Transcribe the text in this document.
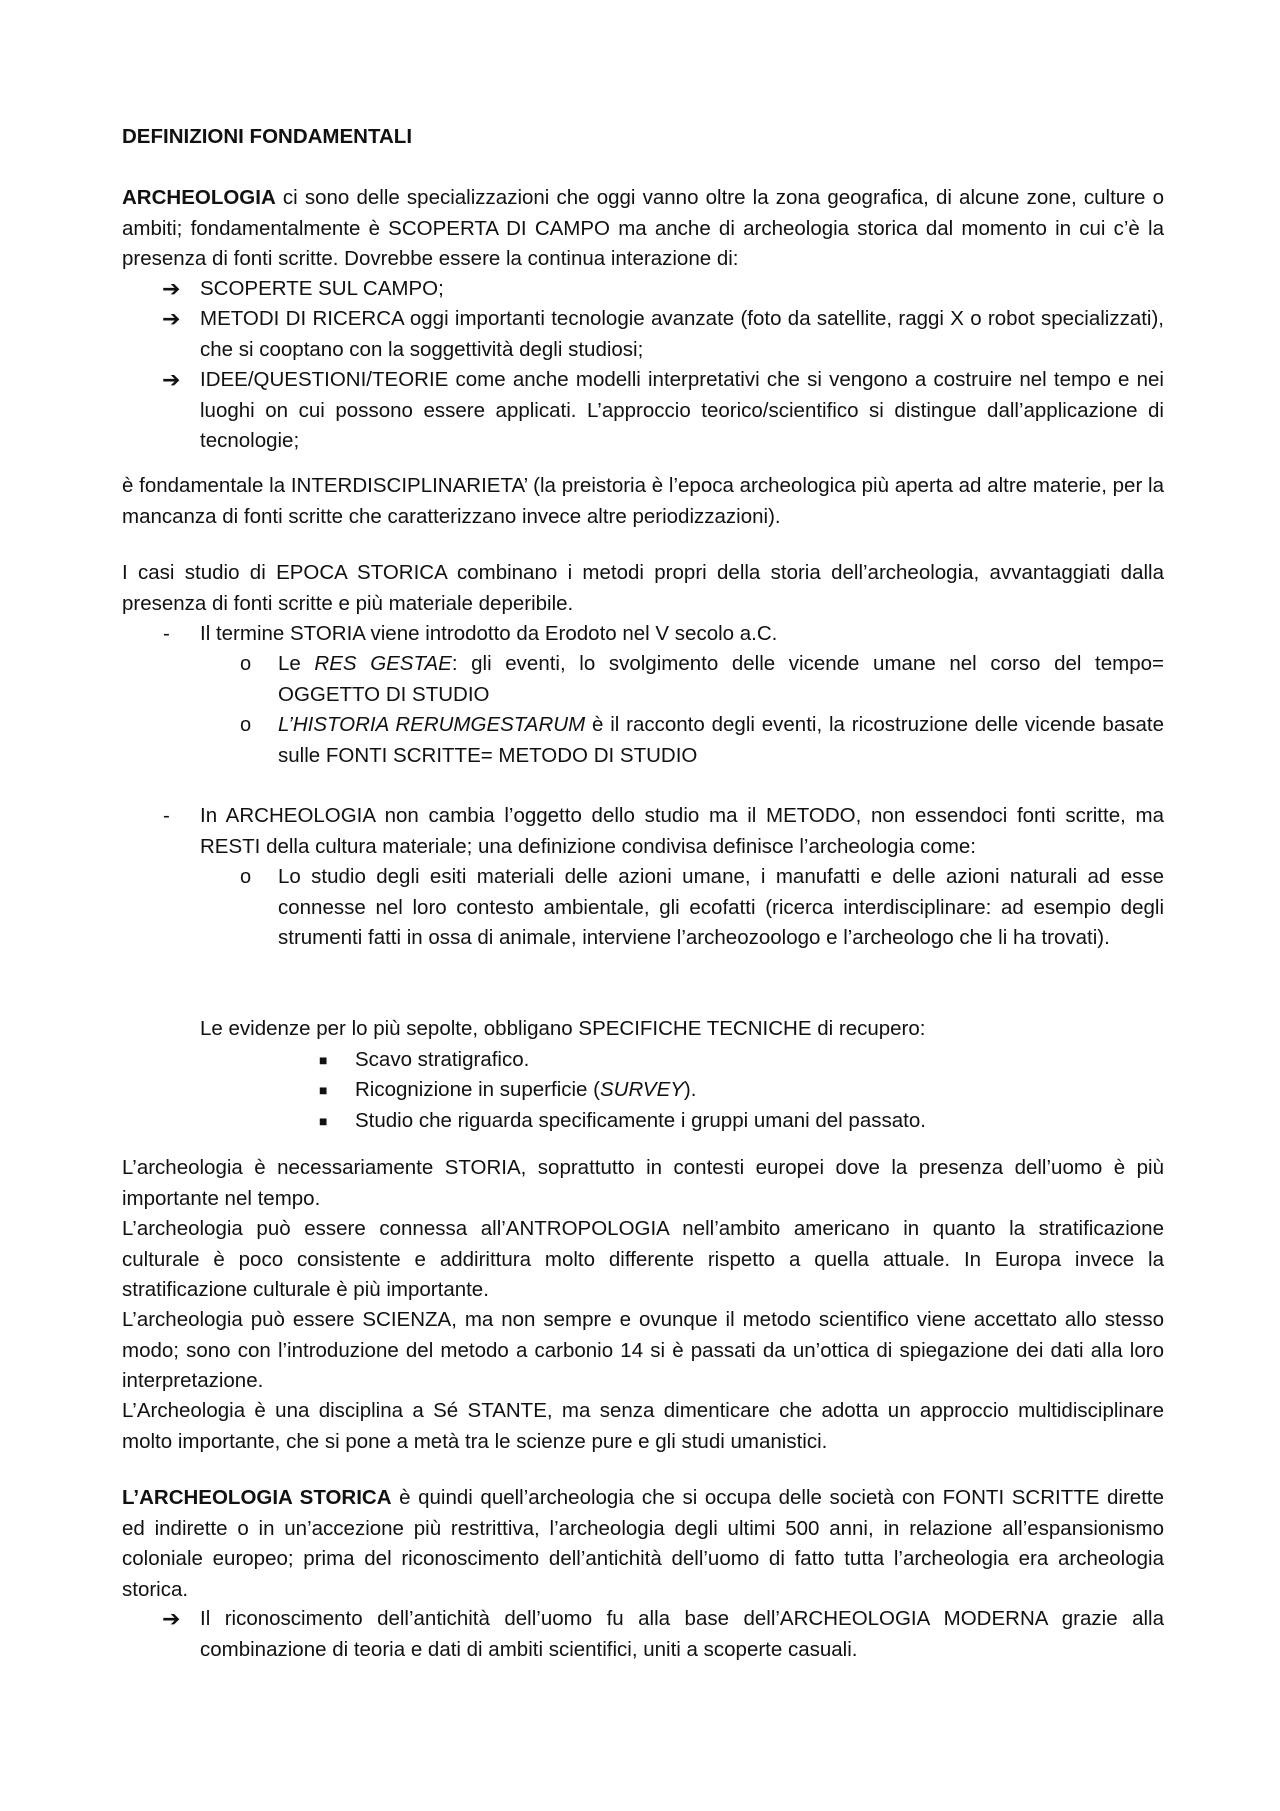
DEFINIZIONI FONDAMENTALI
ARCHEOLOGIA ci sono delle specializzazioni che oggi vanno oltre la zona geografica, di alcune zone, culture o ambiti; fondamentalmente è SCOPERTA DI CAMPO ma anche di archeologia storica dal momento in cui c’è la presenza di fonti scritte. Dovrebbe essere la continua interazione di:
➔ SCOPERTE SUL CAMPO;
➔ METODI DI RICERCA oggi importanti tecnologie avanzate (foto da satellite, raggi X o robot specializzati), che si cooptano con la soggettività degli studiosi;
➔ IDEE/QUESTIONI/TEORIE come anche modelli interpretativi che si vengono a costruire nel tempo e nei luoghi on cui possono essere applicati. L’approccio teorico/scientifico si distingue dall’applicazione di tecnologie;
è fondamentale la INTERDISCIPLINARIETA’ (la preistoria è l’epoca archeologica più aperta ad altre materie, per la mancanza di fonti scritte che caratterizzano invece altre periodizzazioni).
I casi studio di EPOCA STORICA combinano i metodi propri della storia dell’archeologia, avvantaggiati dalla presenza di fonti scritte e più materiale deperibile.
- Il termine STORIA viene introdotto da Erodoto nel V secolo a.C.
o Le RES GESTAE: gli eventi, lo svolgimento delle vicende umane nel corso del tempo= OGGETTO DI STUDIO
o L’HISTORIA RERUMGESTARUM è il racconto degli eventi, la ricostruzione delle vicende basate sulle FONTI SCRITTE= METODO DI STUDIO
- In ARCHEOLOGIA non cambia l’oggetto dello studio ma il METODO, non essendoci fonti scritte, ma RESTI della cultura materiale; una definizione condivisa definisce l’archeologia come:
o Lo studio degli esiti materiali delle azioni umane, i manufatti e delle azioni naturali ad esse connesse nel loro contesto ambientale, gli ecofatti (ricerca interdisciplinare: ad esempio degli strumenti fatti in ossa di animale, interviene l’archeozoologo e l’archeologo che li ha trovati).
Le evidenze per lo più sepolte, obbligano SPECIFICHE TECNICHE di recupero:
■ Scavo stratigrafico.
■ Ricognizione in superficie (SURVEY).
■ Studio che riguarda specificamente i gruppi umani del passato.
L’archeologia è necessariamente STORIA, soprattutto in contesti europei dove la presenza dell’uomo è più importante nel tempo.
L’archeologia può essere connessa all’ANTROPOLOGIA nell’ambito americano in quanto la stratificazione culturale è poco consistente e addirittura molto differente rispetto a quella attuale. In Europa invece la stratificazione culturale è più importante.
L’archeologia può essere SCIENZA, ma non sempre e ovunque il metodo scientifico viene accettato allo stesso modo; sono con l’introduzione del metodo a carbonio 14 si è passati da un’ottica di spiegazione dei dati alla loro interpretazione.
L’Archeologia è una disciplina a Sé STANTE, ma senza dimenticare che adotta un approccio multidisciplinare molto importante, che si pone a metà tra le scienze pure e gli studi umanistici.
L’ARCHEOLOGIA STORICA è quindi quell’archeologia che si occupa delle società con FONTI SCRITTE dirette ed indirette o in un’accezione più restrittiva, l’archeologia degli ultimi 500 anni, in relazione all’espansionismo coloniale europeo; prima del riconoscimento dell’antichità dell’uomo di fatto tutta l’archeologia era archeologia storica.
➔ Il riconoscimento dell’antichità dell’uomo fu alla base dell’ARCHEOLOGIA MODERNA grazie alla combinazione di teoria e dati di ambiti scientifici, uniti a scoperte casuali.
